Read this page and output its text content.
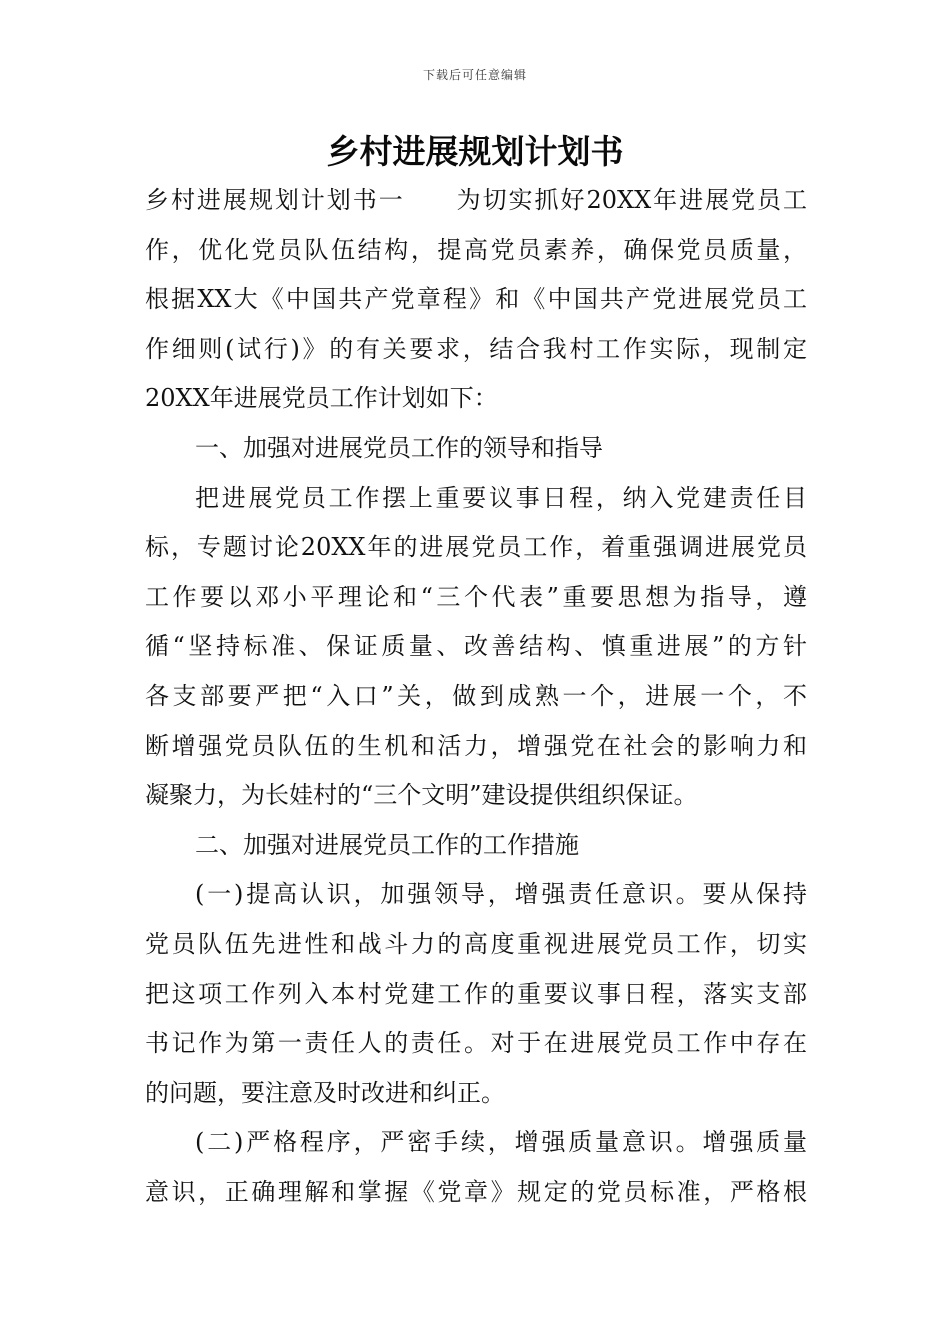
下载后可任意编辑
乡村进展规划计划书
乡村进展规划计划书一　　为切实抓好20XX年进展党员工
作，优化党员队伍结构，提高党员素养，确保党员质量，
根据XX大《中国共产党章程》和《中国共产党进展党员工
作细则(试行)》的有关要求，结合我村工作实际，现制定
20XX年进展党员工作计划如下：
一、加强对进展党员工作的领导和指导
把进展党员工作摆上重要议事日程，纳入党建责任目
标，专题讨论20XX年的进展党员工作，着重强调进展党员
工作要以邓小平理论和“三个代表”重要思想为指导，遵
循“坚持标准、保证质量、改善结构、慎重进展”的方针
各支部要严把“入口”关，做到成熟一个，进展一个，不
断增强党员队伍的生机和活力，增强党在社会的影响力和
凝聚力，为长娃村的“三个文明”建设提供组织保证。
二、加强对进展党员工作的工作措施
(一)提高认识，加强领导，增强责任意识。要从保持
党员队伍先进性和战斗力的高度重视进展党员工作，切实
把这项工作列入本村党建工作的重要议事日程，落实支部
书记作为第一责任人的责任。对于在进展党员工作中存在
的问题，要注意及时改进和纠正。
(二)严格程序，严密手续，增强质量意识。增强质量
意识，正确理解和掌握《党章》规定的党员标准，严格根
